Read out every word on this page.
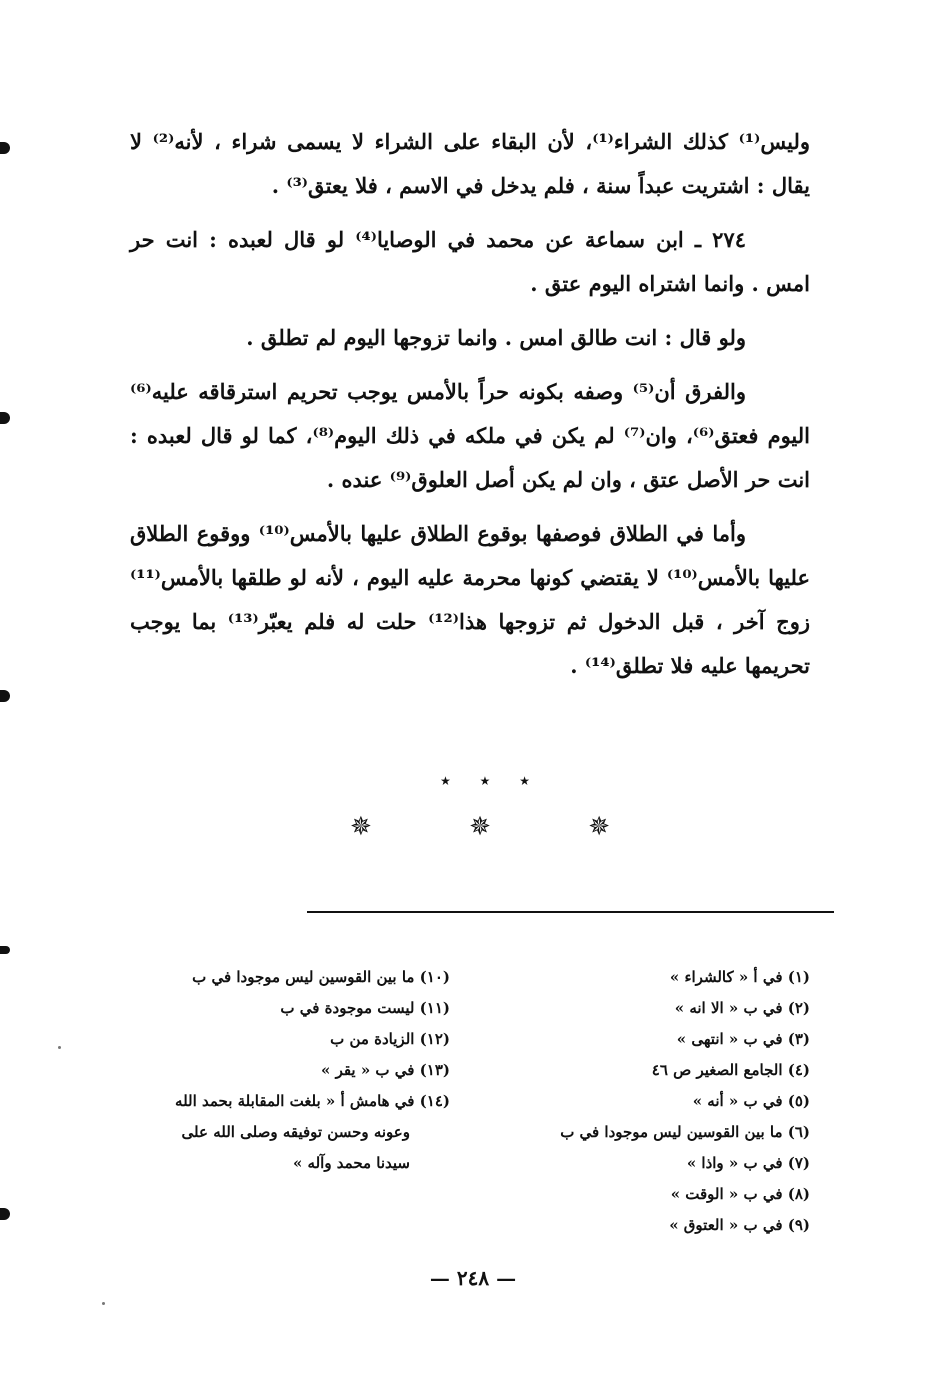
وليس⁽¹⁾ كذلك الشراء⁽¹⁾، لأن البقاء على الشراء لا يسمى شراء ، لأنه⁽²⁾ لا يقال : اشتريت عبداً سنة ، فلم يدخل في الاسم ، فلا يعتق⁽³⁾ .

٢٧٤ ـ ابن سماعة عن محمد في الوصايا⁽⁴⁾ لو قال لعبده : انت حر امس . وانما اشتراه اليوم عتق .

ولو قال : انت طالق امس . وانما تزوجها اليوم لم تطلق .

والفرق أن⁽⁵⁾ وصفه بكونه حراً بالأمس يوجب تحريم استرقاقه عليه⁽⁶⁾ اليوم فعتق⁽⁶⁾، وان⁽⁷⁾ لم يكن في ملكه في ذلك اليوم⁽⁸⁾، كما لو قال لعبده : انت حر الأصل عتق ، وان لم يكن أصل العلوق⁽⁹⁾ عنده .

وأما في الطلاق فوصفها بوقوع الطلاق عليها بالأمس⁽¹⁰⁾ ووقوع الطلاق عليها بالأمس⁽¹⁰⁾ لا يقتضي كونها محرمة عليه اليوم ، لأنه لو طلقها بالأمس⁽¹¹⁾ زوج آخر ، قبل الدخول ثم تزوجها هذا⁽¹²⁾ حلت له فلم يعبّر⁽¹³⁾ بما يوجب تحريمها عليه فلا تطلق⁽¹⁴⁾ .

٭ ٭ ٭
✵	✵	✵
(١) في أ « كالشراء »
(٢) في ب « الا انه »
(٣) في ب « انتهى »
(٤) الجامع الصغير ص ٤٦
(٥) في ب « أنه »
(٦) ما بين القوسين ليس موجودا في ب
(٧) في ب « واذا »
(٨) في ب « الوقت »
(٩) في ب « العتوق »
(١٠) ما بين القوسين ليس موجودا في ب
(١١) ليست موجودة في ب
(١٢) الزيادة من ب
(١٣) في ب « يقر »
(١٤) في هامش أ « بلغت المقابلة بحمد الله
وعونه وحسن توفيقه وصلى الله على
سيدنا محمد وآله »
— ٢٤٨ —
